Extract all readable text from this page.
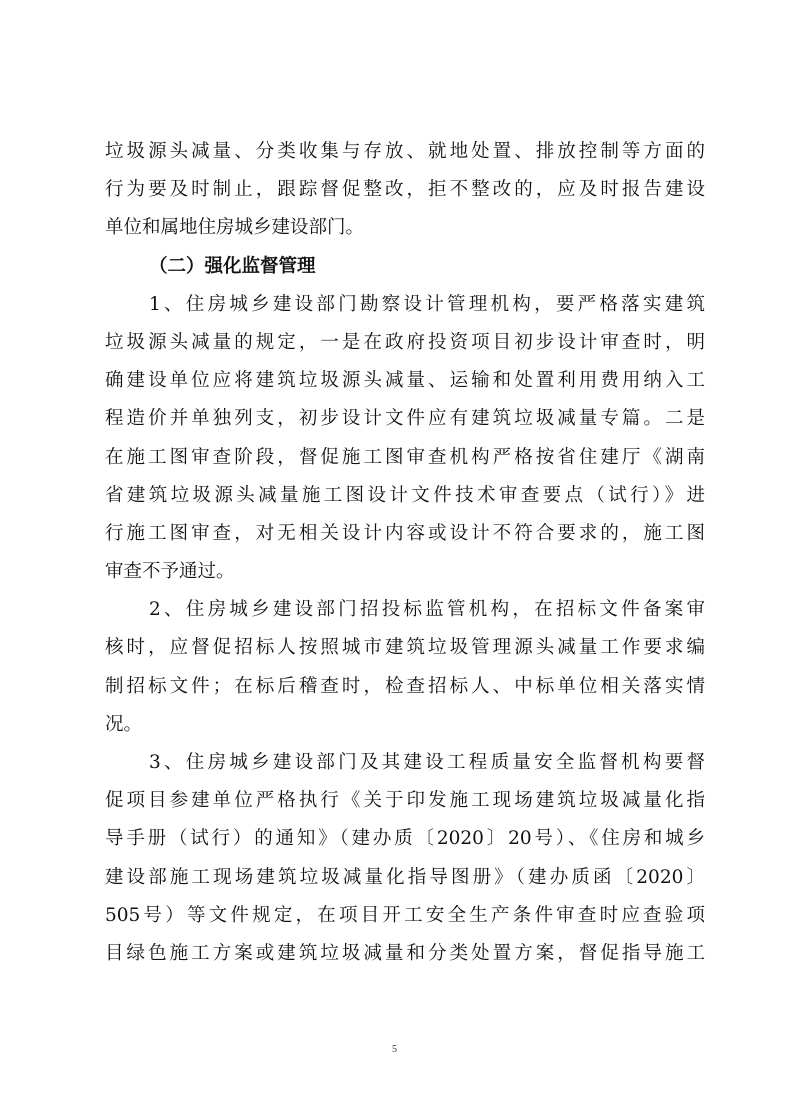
垃圾源头减量、分类收集与存放、就地处置、排放控制等方面的
行为要及时制止，跟踪督促整改，拒不整改的，应及时报告建设
单位和属地住房城乡建设部门。
（二）强化监督管理
1、住房城乡建设部门勘察设计管理机构，要严格落实建筑
垃圾源头减量的规定，一是在政府投资项目初步设计审查时，明
确建设单位应将建筑垃圾源头减量、运输和处置利用费用纳入工
程造价并单独列支，初步设计文件应有建筑垃圾减量专篇。二是
在施工图审查阶段，督促施工图审查机构严格按省住建厅《湖南
省建筑垃圾源头减量施工图设计文件技术审查要点（试行）》进
行施工图审查，对无相关设计内容或设计不符合要求的，施工图
审查不予通过。
2、住房城乡建设部门招投标监管机构，在招标文件备案审
核时，应督促招标人按照城市建筑垃圾管理源头减量工作要求编
制招标文件；在标后稽查时，检查招标人、中标单位相关落实情
况。
3、住房城乡建设部门及其建设工程质量安全监督机构要督
促项目参建单位严格执行《关于印发施工现场建筑垃圾减量化指
导手册（试行）的通知》（建办质〔2020〕20号）、《住房和城乡
建设部施工现场建筑垃圾减量化指导图册》（建办质函〔2020〕
505号）等文件规定，在项目开工安全生产条件审查时应查验项
目绿色施工方案或建筑垃圾减量和分类处置方案，督促指导施工
5
